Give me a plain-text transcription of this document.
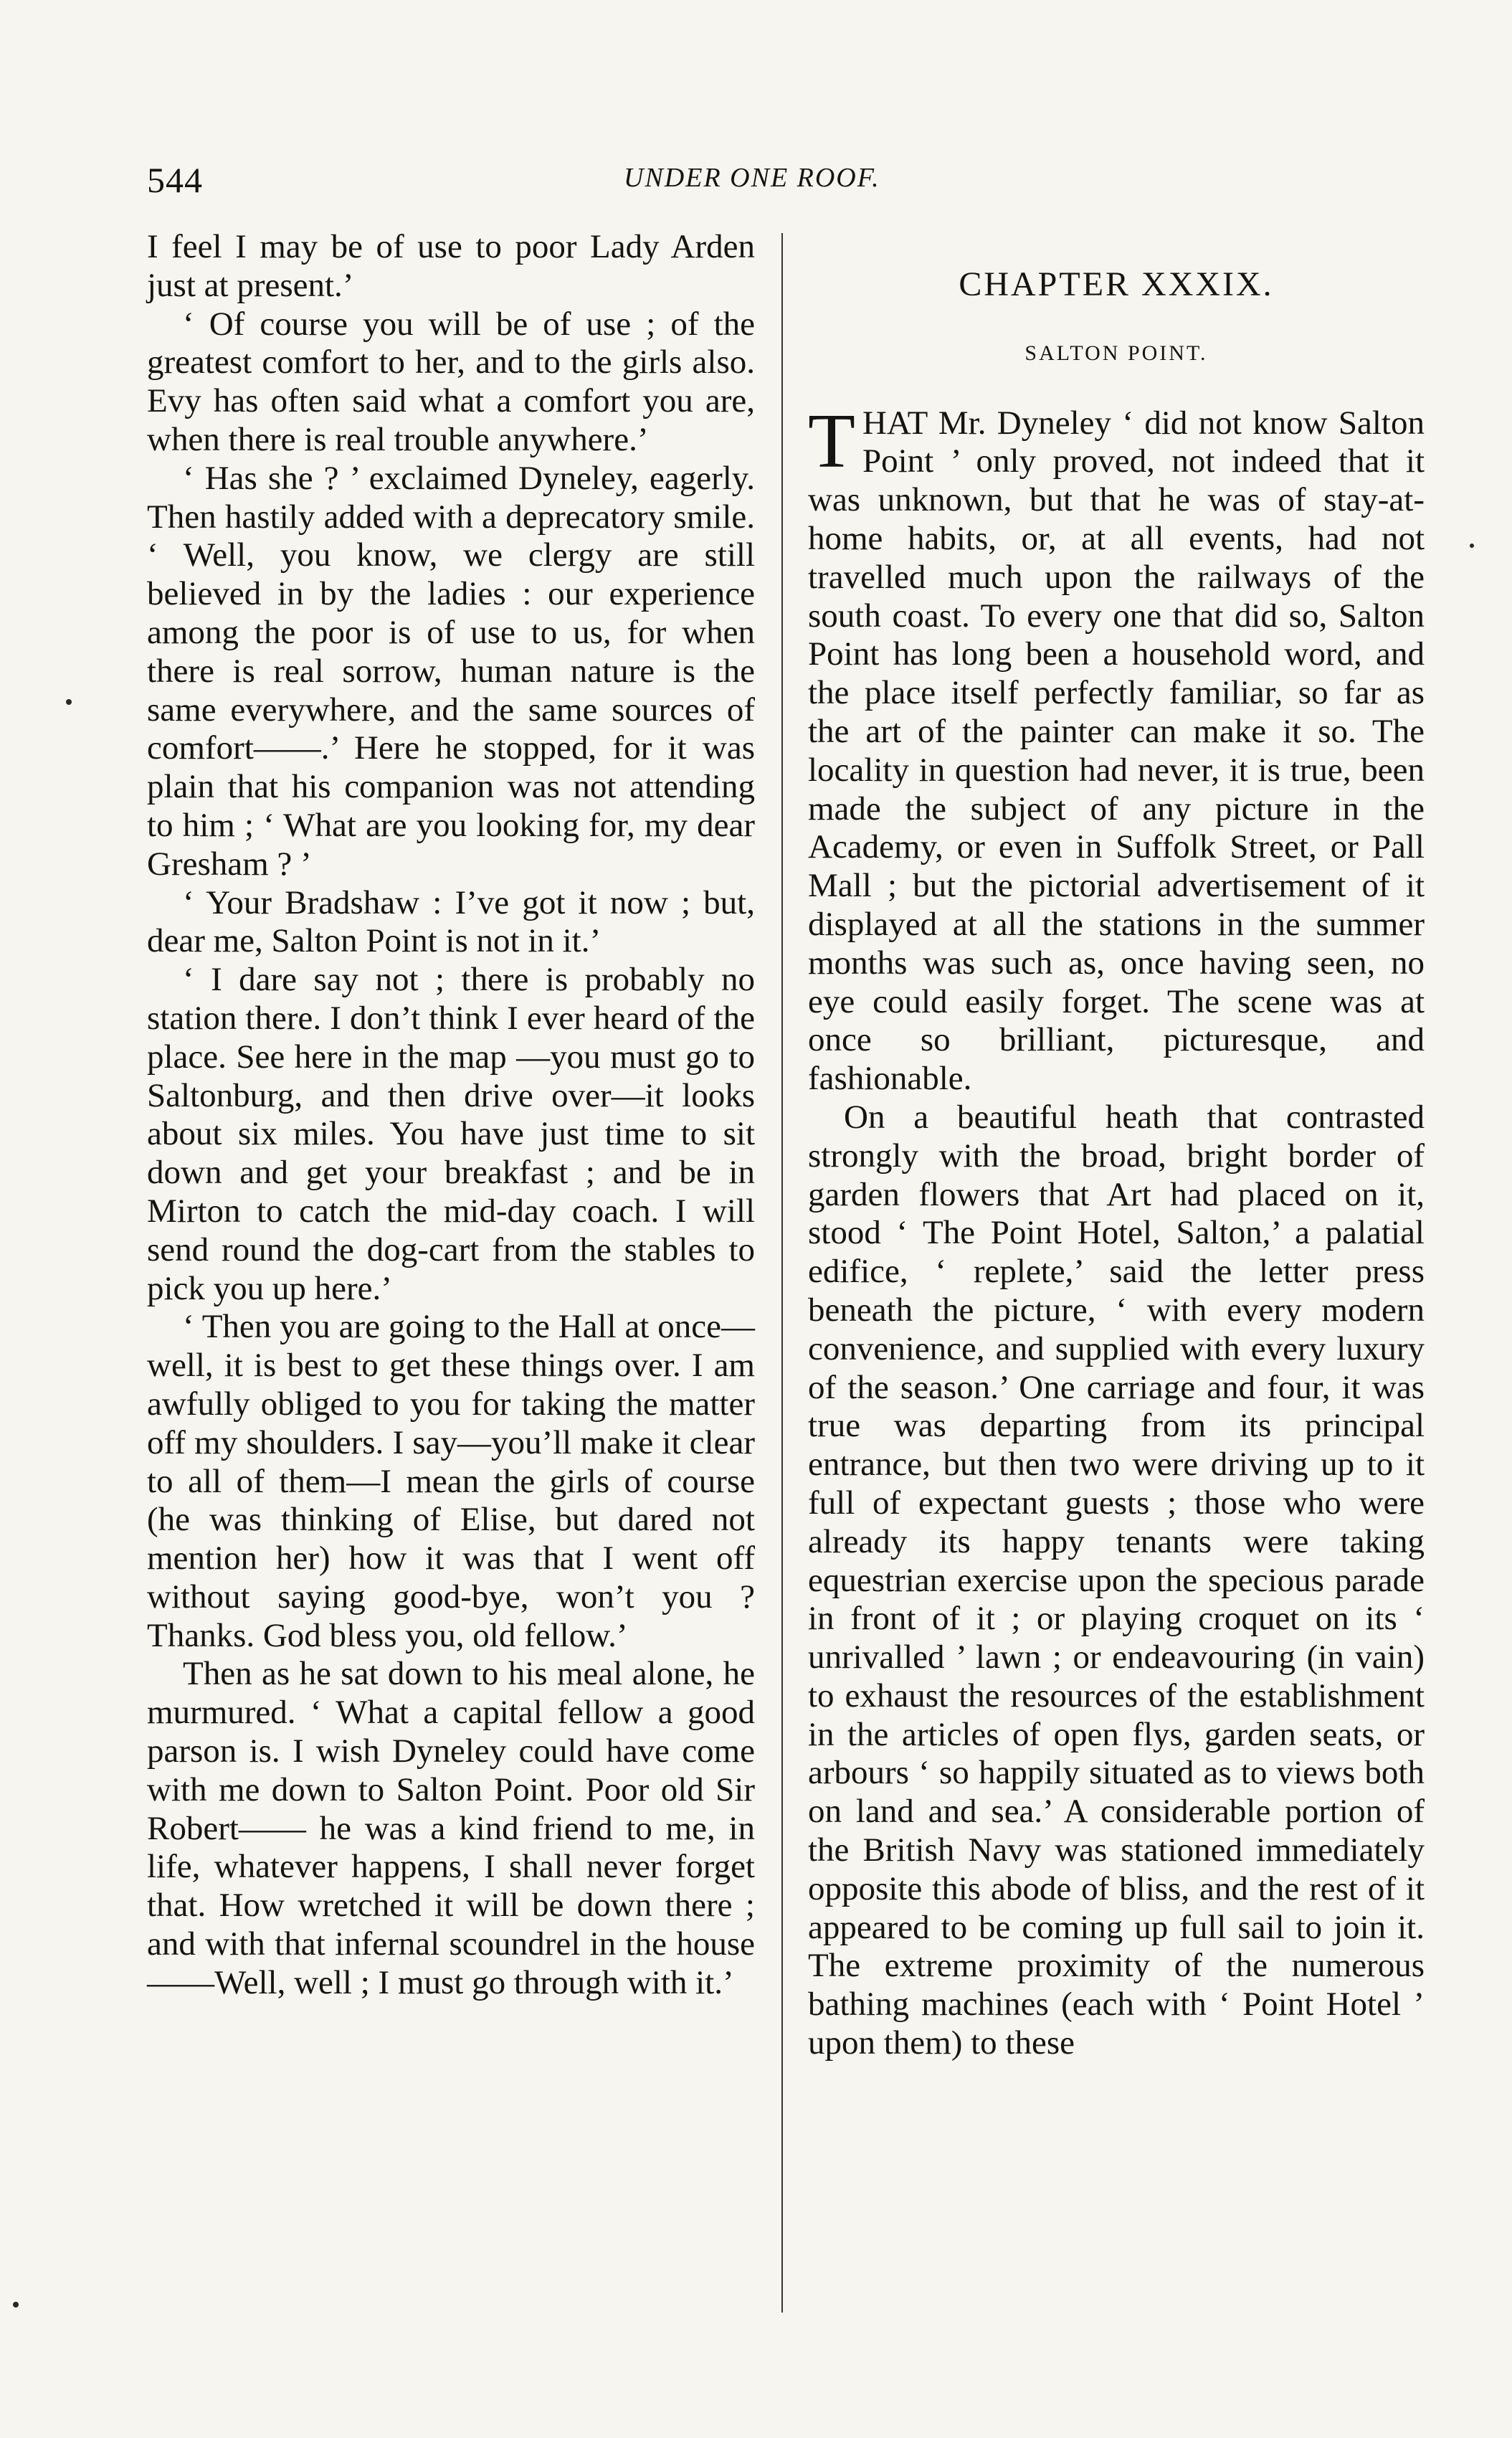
544	UNDER ONE ROOF.

I feel I may be of use to poor Lady Arden just at present.’

‘ Of course you will be of use ; of the greatest comfort to her, and to the girls also. Evy has often said what a comfort you are, when there is real trouble anywhere.’

‘ Has she ? ’ exclaimed Dyneley, eagerly. Then hastily added with a deprecatory smile. ‘ Well, you know, we clergy are still believed in by the ladies : our experience among the poor is of use to us, for when there is real sorrow, human nature is the same everywhere, and the same sources of comfort——.’ Here he stopped, for it was plain that his companion was not attending to him ; ‘ What are you looking for, my dear Gresham ? ’

‘ Your Bradshaw : I’ve got it now ; but, dear me, Salton Point is not in it.’

‘ I dare say not ; there is probably no station there. I don’t think I ever heard of the place. See here in the map —you must go to Saltonburg, and then drive over—it looks about six miles. You have just time to sit down and get your breakfast ; and be in Mirton to catch the mid-day coach. I will send round the dog-cart from the stables to pick you up here.’

‘ Then you are going to the Hall at once—well, it is best to get these things over. I am awfully obliged to you for taking the matter off my shoulders. I say—you’ll make it clear to all of them—I mean the girls of course (he was thinking of Elise, but dared not mention her) how it was that I went off without saying good-bye, won’t you ? Thanks. God bless you, old fellow.’

Then as he sat down to his meal alone, he murmured. ‘ What a capital fellow a good parson is. I wish Dyneley could have come with me down to Salton Point. Poor old Sir Robert—— he was a kind friend to me, in life, whatever happens, I shall never forget that. How wretched it will be down there ; and with that infernal scoundrel in the house——Well, well ; I must go through with it.’

CHAPTER XXXIX.
SALTON POINT.

THAT Mr. Dyneley ‘ did not know Salton Point ’ only proved, not indeed that it was unknown, but that he was of stay-at-home habits, or, at all events, had not travelled much upon the railways of the south coast. To every one that did so, Salton Point has long been a household word, and the place itself perfectly familiar, so far as the art of the painter can make it so. The locality in question had never, it is true, been made the subject of any picture in the Academy, or even in Suffolk Street, or Pall Mall ; but the pictorial advertisement of it displayed at all the stations in the summer months was such as, once having seen, no eye could easily forget. The scene was at once so brilliant, picturesque, and fashionable.

On a beautiful heath that contrasted strongly with the broad, bright border of garden flowers that Art had placed on it, stood ‘ The Point Hotel, Salton,’ a palatial edifice, ‘ replete,’ said the letter press beneath the picture, ‘ with every modern convenience, and supplied with every luxury of the season.’ One carriage and four, it was true was departing from its principal entrance, but then two were driving up to it full of expectant guests ; those who were already its happy tenants were taking equestrian exercise upon the specious parade in front of it ; or playing croquet on its ‘ unrivalled ’ lawn ; or endeavouring (in vain) to exhaust the resources of the establishment in the articles of open flys, garden seats, or arbours ‘ so happily situated as to views both on land and sea.’ A considerable portion of the British Navy was stationed immediately opposite this abode of bliss, and the rest of it appeared to be coming up full sail to join it. The extreme proximity of the numerous bathing machines (each with ‘ Point Hotel ’ upon them) to these
